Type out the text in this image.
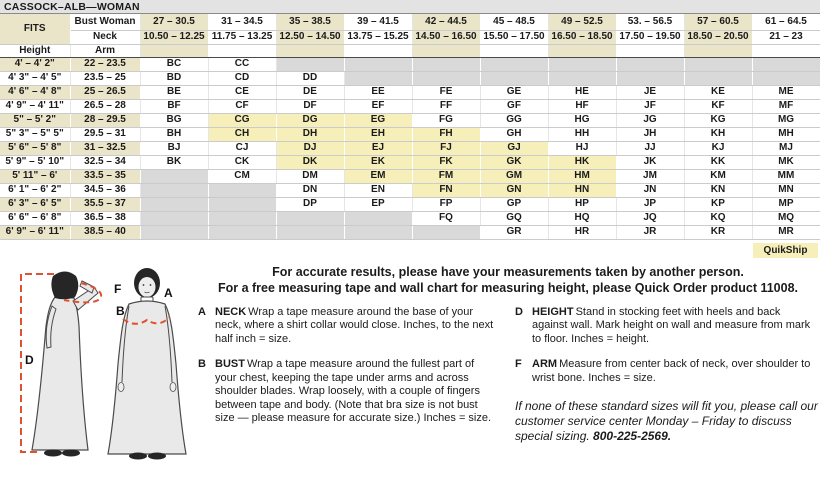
CASSOCK–ALB—WOMAN
FITS	Bust Woman	27 – 30.5	31 – 34.5	35 – 38.5	39 – 41.5	42 – 44.5	45 – 48.5	49 – 52.5	53. – 56.5	57 – 60.5	61 – 64.5
	Neck	10.50 – 12.25	11.75 – 13.25	12.50 – 14.50	13.75 – 15.25	14.50 – 16.50	15.50 – 17.50	16.50 – 18.50	17.50 – 19.50	18.50 – 20.50	21 – 23
Height	Arm										
4' – 4' 2"	22 – 23.5	BC	CC								
4' 3" – 4' 5"	23.5 – 25	BD	CD	DD							
4' 6" – 4' 8"	25 – 26.5	BE	CE	DE	EE	FE	GE	HE	JE	KE	ME
4' 9" – 4' 11"	26.5 – 28	BF	CF	DF	EF	FF	GF	HF	JF	KF	MF
5" – 5' 2"	28 – 29.5	BG	CG	DG	EG	FG	GG	HG	JG	KG	MG
5" 3" – 5" 5"	29.5 – 31	BH	CH	DH	EH	FH	GH	HH	JH	KH	MH
5' 6" – 5' 8"	31 – 32.5	BJ	CJ	DJ	EJ	FJ	GJ	HJ	JJ	KJ	MJ
5' 9" – 5' 10"	32.5 – 34	BK	CK	DK	EK	FK	GK	HK	JK	KK	MK
5' 11" – 6'	33.5 – 35		CM	DM	EM	FM	GM	HM	JM	KM	MM
6' 1" – 6' 2"	34.5 – 36			DN	EN	FN	GN	HN	JN	KN	MN
6' 3" – 6' 5"	35.5 – 37			DP	EP	FP	GP	HP	JP	KP	MP
6' 6" – 6' 8"	36.5 – 38					FQ	GQ	HQ	JQ	KQ	MQ
6' 9" – 6' 11"	38.5 – 40						GR	HR	JR	KR	MR
QuikShip
D
F	A
B
For accurate results, please have your measurements taken by another person.
For a free measuring tape and wall chart for measuring height, please Quick Order product 11008.
A NECK Wrap a tape measure around the base of your neck, where a shirt collar would close. Inches, to the next half inch = size.
B BUST Wrap a tape measure around the fullest part of your chest, keeping the tape under arms and across shoulder blades. Wrap loosely, with a couple of fingers between tape and body. (Note that bra size is not bust size — please measure for accurate size.) Inches = size.
D HEIGHT Stand in stocking feet with heels and back against wall. Mark height on wall and measure from mark to floor. Inches = height.
F ARM Measure from center back of neck, over shoulder to wrist bone. Inches = size.

If none of these standard sizes will fit you, please call our customer service center Monday – Friday to discuss special sizing. 800-225-2569.
